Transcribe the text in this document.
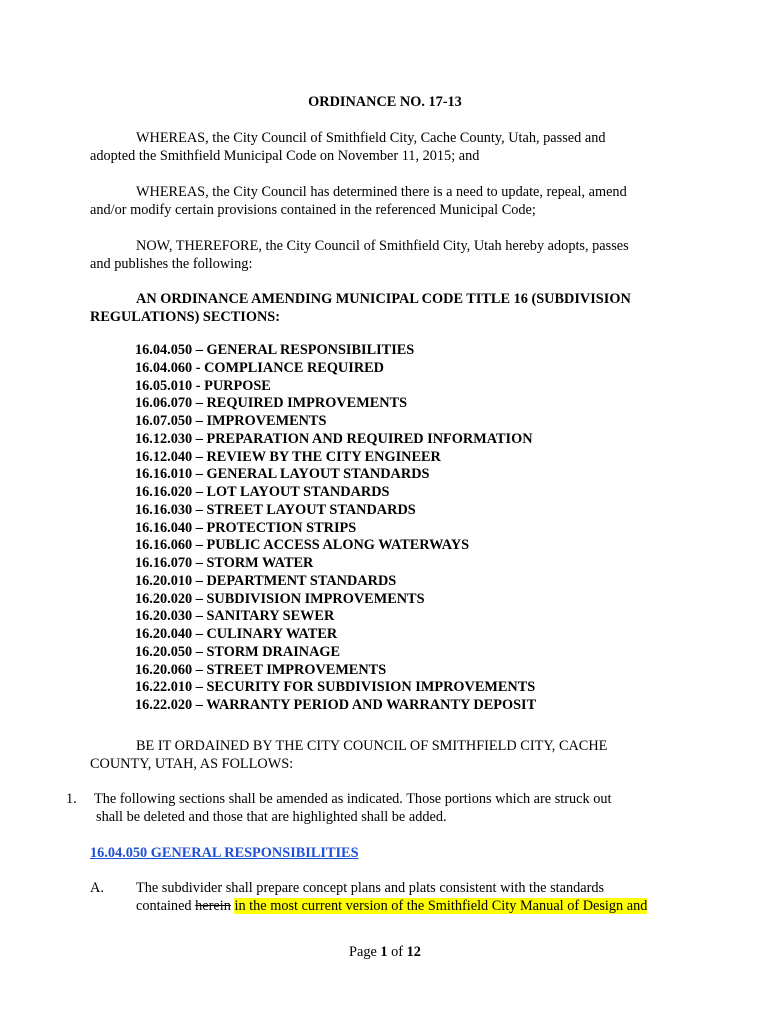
ORDINANCE NO. 17-13
WHEREAS, the City Council of Smithfield City, Cache County, Utah, passed and
adopted the Smithfield Municipal Code on November 11, 2015; and
WHEREAS, the City Council has determined there is a need to update, repeal, amend
and/or modify certain provisions contained in the referenced Municipal Code;
NOW, THEREFORE, the City Council of Smithfield City, Utah hereby adopts, passes
and publishes the following:
AN ORDINANCE AMENDING MUNICIPAL CODE TITLE 16 (SUBDIVISION
REGULATIONS) SECTIONS:
16.04.050 – GENERAL RESPONSIBILITIES
16.04.060 - COMPLIANCE REQUIRED
16.05.010 - PURPOSE
16.06.070 – REQUIRED IMPROVEMENTS
16.07.050 – IMPROVEMENTS
16.12.030 – PREPARATION AND REQUIRED INFORMATION
16.12.040 – REVIEW BY THE CITY ENGINEER
16.16.010 – GENERAL LAYOUT STANDARDS
16.16.020 – LOT LAYOUT STANDARDS
16.16.030 – STREET LAYOUT STANDARDS
16.16.040 – PROTECTION STRIPS
16.16.060 – PUBLIC ACCESS ALONG WATERWAYS
16.16.070 – STORM WATER
16.20.010 – DEPARTMENT STANDARDS
16.20.020 – SUBDIVISION IMPROVEMENTS
16.20.030 – SANITARY SEWER
16.20.040 – CULINARY WATER
16.20.050 – STORM DRAINAGE
16.20.060 – STREET IMPROVEMENTS
16.22.010 – SECURITY FOR SUBDIVISION IMPROVEMENTS
16.22.020 – WARRANTY PERIOD AND WARRANTY DEPOSIT
BE IT ORDAINED BY THE CITY COUNCIL OF SMITHFIELD CITY, CACHE
COUNTY, UTAH, AS FOLLOWS:
1. The following sections shall be amended as indicated. Those portions which are struck out
shall be deleted and those that are highlighted shall be added.
16.04.050 GENERAL RESPONSIBILITIES
A. The subdivider shall prepare concept plans and plats consistent with the standards
contained herein in the most current version of the Smithfield City Manual of Design and
Page 1 of 12
